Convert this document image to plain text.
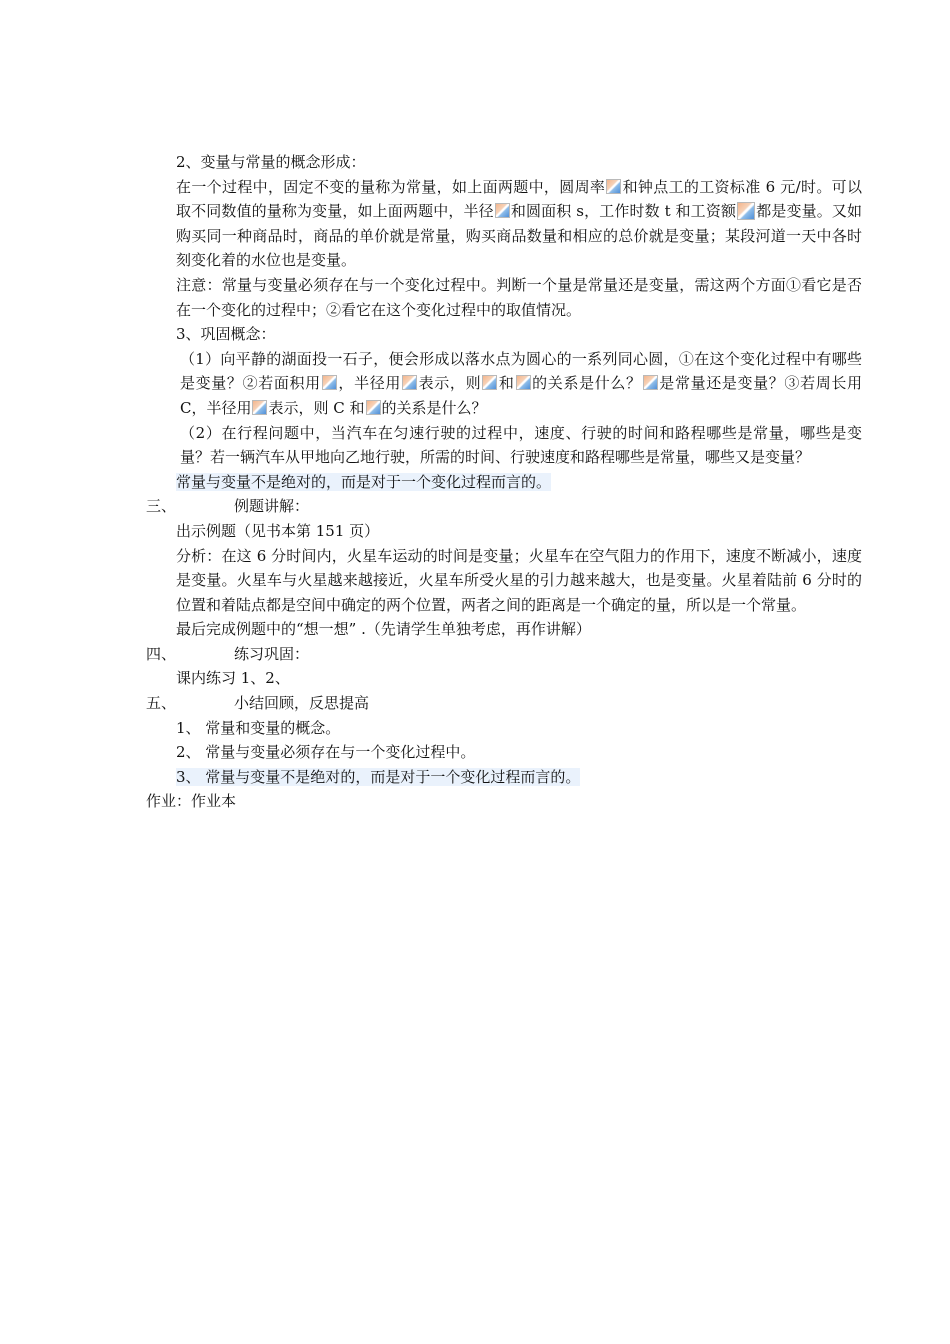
2、变量与常量的概念形成：
在一个过程中，固定不变的量称为常量，如上面两题中，圆周率 和钟点工的工资标准 6 元/时。可以取不同数值的量称为变量，如上面两题中，半径 和圆面积 s，工作时数 t 和工资额 都是变量。又如购买同一种商品时，商品的单价就是常量，购买商品数量和相应的总价就是变量；某段河道一天中各时刻变化着的水位也是变量。
注意：常量与变量必须存在与一个变化过程中。判断一个量是常量还是变量，需这两个方面①看它是否在一个变化的过程中；②看它在这个变化过程中的取值情况。
3、巩固概念：
（1）向平静的湖面投一石子，便会形成以落水点为圆心的一系列同心圆，①在这个变化过程中有哪些是变量？②若面积用 ，半径用 表示，则 和 的关系是什么？ 是常量还是变量？③若周长用 C，半径用 表示，则 C 和 的关系是什么？
（2）在行程问题中，当汽车在匀速行驶的过程中，速度、行驶的时间和路程哪些是常量，哪些是变量？若一辆汽车从甲地向乙地行驶，所需的时间、行驶速度和路程哪些是常量，哪些又是变量？
常量与变量不是绝对的，而是对于一个变化过程而言的。
三、	例题讲解：
出示例题（见书本第 151 页）
分析：在这 6 分时间内，火星车运动的时间是变量；火星车在空气阻力的作用下，速度不断减小，速度是变量。火星车与火星越来越接近，火星车所受火星的引力越来越大，也是变量。火星着陆前 6 分时的位置和着陆点都是空间中确定的两个位置，两者之间的距离是一个确定的量，所以是一个常量。
最后完成例题中的“想一想” .（先请学生单独考虑，再作讲解）
四、	练习巩固：
课内练习 1、2、
五、	小结回顾，反思提高
1、 常量和变量的概念。
2、 常量与变量必须存在与一个变化过程中。
3、 常量与变量不是绝对的，而是对于一个变化过程而言的。
作业：作业本
